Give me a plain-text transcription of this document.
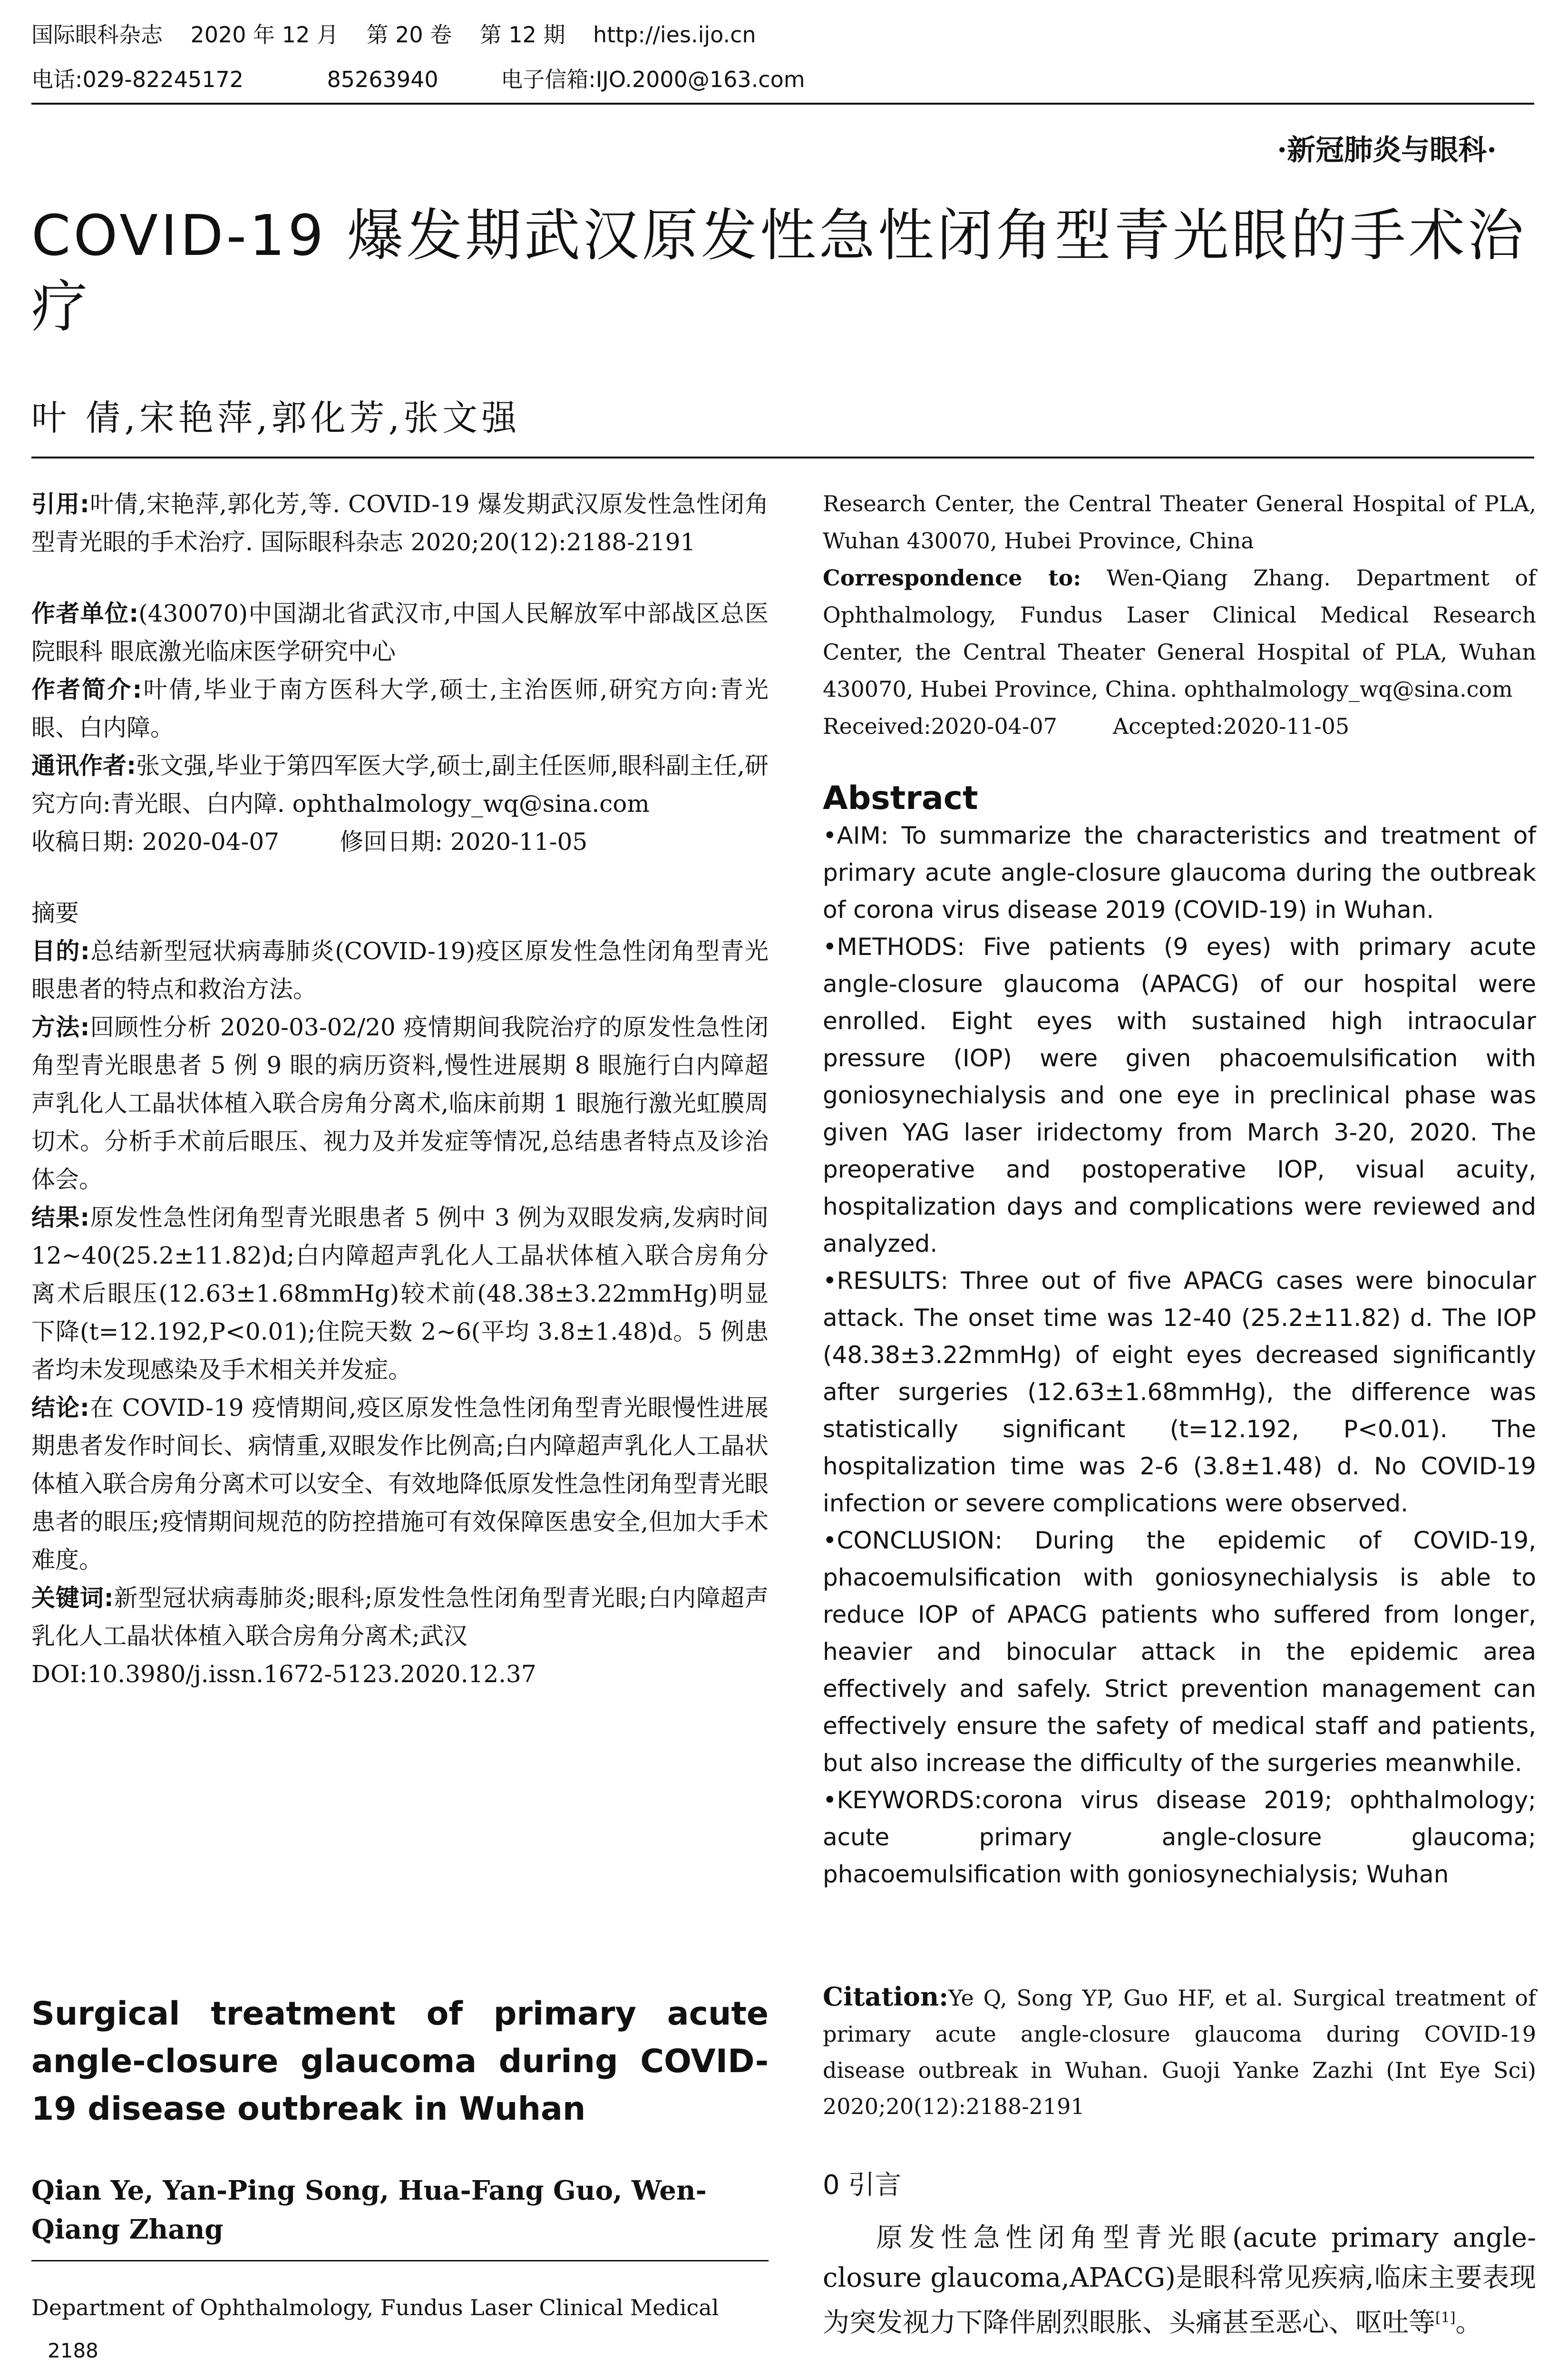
国际眼科杂志    2020 年 12 月    第 20 卷    第 12 期    http://ies.ijo.cn
电话:029-82245172            85263940         电子信箱:IJO.2000@163.com
·新冠肺炎与眼科·
COVID-19 爆发期武汉原发性急性闭角型青光眼的手术治疗
叶 倩,宋艳萍,郭化芳,张文强

引用:叶倩,宋艳萍,郭化芳,等. COVID-19 爆发期武汉原发性急性闭角型青光眼的手术治疗. 国际眼科杂志 2020;20(12):2188-2191

作者单位:(430070)中国湖北省武汉市,中国人民解放军中部战区总医院眼科 眼底激光临床医学研究中心

作者简介:叶倩,毕业于南方医科大学,硕士,主治医师,研究方向:青光眼、白内障。

通讯作者:张文强,毕业于第四军医大学,硕士,副主任医师,眼科副主任,研究方向:青光眼、白内障. ophthalmology_wq@sina.com

收稿日期: 2020-04-07        修回日期: 2020-11-05

摘要

目的:总结新型冠状病毒肺炎(COVID-19)疫区原发性急性闭角型青光眼患者的特点和救治方法。

方法:回顾性分析 2020-03-02/20 疫情期间我院治疗的原发性急性闭角型青光眼患者 5 例 9 眼的病历资料,慢性进展期 8 眼施行白内障超声乳化人工晶状体植入联合房角分离术,临床前期 1 眼施行激光虹膜周切术。分析手术前后眼压、视力及并发症等情况,总结患者特点及诊治体会。

结果:原发性急性闭角型青光眼患者 5 例中 3 例为双眼发病,发病时间 12~40(25.2±11.82)d;白内障超声乳化人工晶状体植入联合房角分离术后眼压(12.63±1.68mmHg)较术前(48.38±3.22mmHg)明显下降(t=12.192,P<0.01);住院天数 2~6(平均 3.8±1.48)d。5 例患者均未发现感染及手术相关并发症。

结论:在 COVID-19 疫情期间,疫区原发性急性闭角型青光眼慢性进展期患者发作时间长、病情重,双眼发作比例高;白内障超声乳化人工晶状体植入联合房角分离术可以安全、有效地降低原发性急性闭角型青光眼患者的眼压;疫情期间规范的防控措施可有效保障医患安全,但加大手术难度。

关键词:新型冠状病毒肺炎;眼科;原发性急性闭角型青光眼;白内障超声乳化人工晶状体植入联合房角分离术;武汉

DOI:10.3980/j.issn.1672-5123.2020.12.37

Surgical treatment of primary acute angle-closure glaucoma during COVID-19 disease outbreak in Wuhan
Qian Ye, Yan-Ping Song, Hua-Fang Guo, Wen-Qiang Zhang
Department of Ophthalmology, Fundus Laser Clinical Medical
2188

Research Center, the Central Theater General Hospital of PLA, Wuhan 430070, Hubei Province, China

Correspondence to: Wen-Qiang Zhang. Department of Ophthalmology, Fundus Laser Clinical Medical Research Center, the Central Theater General Hospital of PLA, Wuhan 430070, Hubei Province, China. ophthalmology_wq@sina.com

Received:2020-04-07        Accepted:2020-11-05

Abstract

•AIM: To summarize the characteristics and treatment of primary acute angle-closure glaucoma during the outbreak of corona virus disease 2019 (COVID-19) in Wuhan.

•METHODS: Five patients (9 eyes) with primary acute angle-closure glaucoma (APACG) of our hospital were enrolled. Eight eyes with sustained high intraocular pressure (IOP) were given phacoemulsification with goniosynechialysis and one eye in preclinical phase was given YAG laser iridectomy from March 3-20, 2020. The preoperative and postoperative IOP, visual acuity, hospitalization days and complications were reviewed and analyzed.

•RESULTS: Three out of five APACG cases were binocular attack. The onset time was 12-40 (25.2±11.82) d. The IOP (48.38±3.22mmHg) of eight eyes decreased significantly after surgeries (12.63±1.68mmHg), the difference was statistically significant (t=12.192, P<0.01). The hospitalization time was 2-6 (3.8±1.48) d. No COVID-19 infection or severe complications were observed.

•CONCLUSION: During the epidemic of COVID-19, phacoemulsification with goniosynechialysis is able to reduce IOP of APACG patients who suffered from longer, heavier and binocular attack in the epidemic area effectively and safely. Strict prevention management can effectively ensure the safety of medical staff and patients, but also increase the difficulty of the surgeries meanwhile.

•KEYWORDS:corona virus disease 2019; ophthalmology; acute primary angle-closure glaucoma; phacoemulsification with goniosynechialysis; Wuhan

Citation:Ye Q, Song YP, Guo HF, et al. Surgical treatment of primary acute angle-closure glaucoma during COVID-19 disease outbreak in Wuhan. Guoji Yanke Zazhi (Int Eye Sci) 2020;20(12):2188-2191

0 引言

原发性急性闭角型青光眼(acute primary angle-closure glaucoma,APACG)是眼科常见疾病,临床主要表现为突发视力下降伴剧烈眼胀、头痛甚至恶心、呕吐等[1]。
